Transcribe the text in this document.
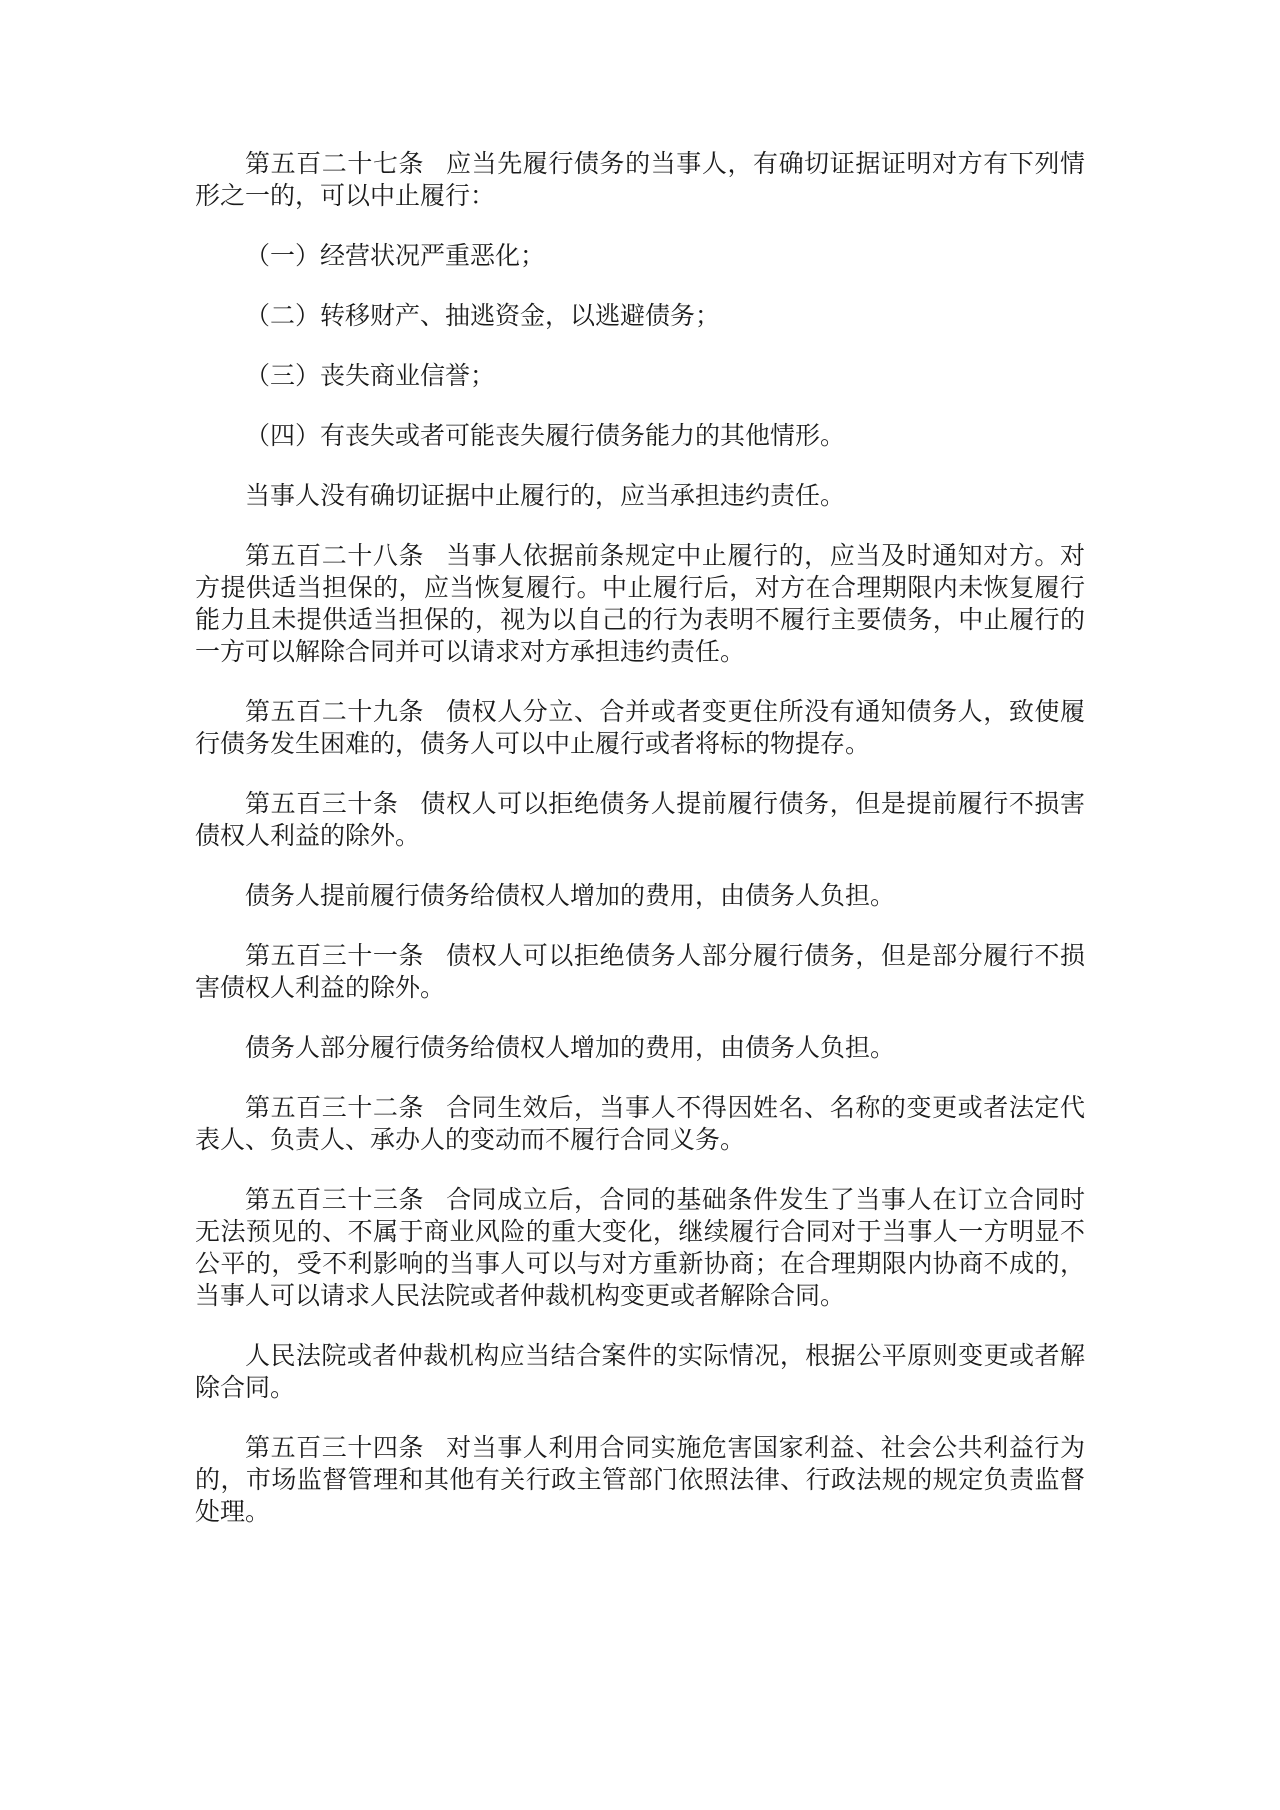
第五百二十七条 应当先履行债务的当事人，有确切证据证明对方有下列情形之一的，可以中止履行：

（一）经营状况严重恶化；

（二）转移财产、抽逃资金，以逃避债务；

（三）丧失商业信誉；

（四）有丧失或者可能丧失履行债务能力的其他情形。

当事人没有确切证据中止履行的，应当承担违约责任。

第五百二十八条 当事人依据前条规定中止履行的，应当及时通知对方。对方提供适当担保的，应当恢复履行。中止履行后，对方在合理期限内未恢复履行能力且未提供适当担保的，视为以自己的行为表明不履行主要债务，中止履行的一方可以解除合同并可以请求对方承担违约责任。

第五百二十九条 债权人分立、合并或者变更住所没有通知债务人，致使履行债务发生困难的，债务人可以中止履行或者将标的物提存。

第五百三十条 债权人可以拒绝债务人提前履行债务，但是提前履行不损害债权人利益的除外。

债务人提前履行债务给债权人增加的费用，由债务人负担。

第五百三十一条 债权人可以拒绝债务人部分履行债务，但是部分履行不损害债权人利益的除外。

债务人部分履行债务给债权人增加的费用，由债务人负担。

第五百三十二条 合同生效后，当事人不得因姓名、名称的变更或者法定代表人、负责人、承办人的变动而不履行合同义务。

第五百三十三条 合同成立后，合同的基础条件发生了当事人在订立合同时无法预见的、不属于商业风险的重大变化，继续履行合同对于当事人一方明显不公平的，受不利影响的当事人可以与对方重新协商；在合理期限内协商不成的，当事人可以请求人民法院或者仲裁机构变更或者解除合同。

人民法院或者仲裁机构应当结合案件的实际情况，根据公平原则变更或者解除合同。

第五百三十四条 对当事人利用合同实施危害国家利益、社会公共利益行为的，市场监督管理和其他有关行政主管部门依照法律、行政法规的规定负责监督处理。
